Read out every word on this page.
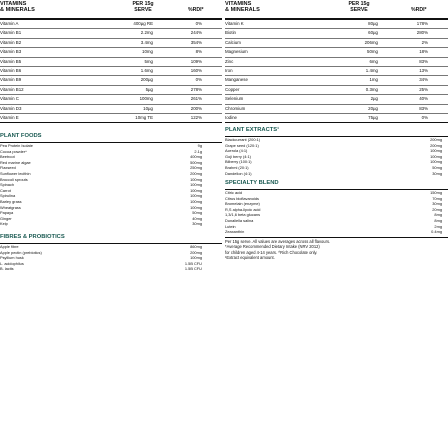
VITAMINS
& MINERALS
PER 15g
SERVE	%RDI*
Vitamin A	400µg RE	0%
Vitamin B1	2.2mg	244%
Vitamin B2	3.4mg	354%
Vitamin B3	10mg	8%
Vitamin B5	5mg	109%
Vitamin B6	1.6mg	160%
Vitamin B9	200µg	0%
Vitamin B12	5µg	278%
Vitamin C	100mg	261%
Vitamin D3	10µg	200%
Vitamin E	10mg TE	122%
PLANT FOODS
Pea Protein Isolate	9g
Cocoa powder^	2.1g
Beetroot	400mg
Red marine algae	500mg
Flaxseed	250mg
Sunflower lecithin	200mg
Broccoli sprouts	100mg
Spinach	100mg
Carrot	100mg
Spirulina	100mg
Barley grass	100mg
Wheatgrass	100mg
Papaya	50mg
Ginger	40mg
Kelp	30mg
FIBRES & PROBIOTICS
Apple fibre	860mg
Apple pectin (prebiotics)	200mg
Psyllium husk	100mg
L. acidophilus	1.5B CFU
B. lactis	1.5B CFU
VITAMINS
& MINERALS
PER 15g
SERVE	%RDI*
Vitamin K	80µg	178%
Biotin	60µg	280%
Calcium	206mg	2%
Magnesium	50mg	18%
Zinc	6mg	83%
Iron	1.4mg	13%
Manganese	1mg	34%
Copper	0.3mg	25%
Selenium	2µg	40%
Chromium	20µg	83%
Iodine	75µg	0%
PLANT EXTRACTS¹
Blackcurrant (200:1)	200mg
Grape seed (120:1)	200mg
Acerola (4:1)	100mg
Goji berry (4:1)	100mg
Bilberry (100:1)	100mg
Brahmi (20:1)	50mg
Dandelion (4:1)	30mg
SPECIALTY BLEND
Citric acid	150mg
Citrus bioflavanoids	70mg
Bromelain (enzyme)	30mg
R,S alpha-lipoic acid	20mg
1,3/1,6 beta glucans	8mg
Dunaliella salina	8mg
Lutein	2mg
Zeaxanthin	0.4mg
Per 15g serve. All values are averages across all flavours.
*Average Recommended Dietary Intake (NRV 2012)
for children aged 4-14 years. ^Rich Chocolate only.
¹Extract equivalent amount.
